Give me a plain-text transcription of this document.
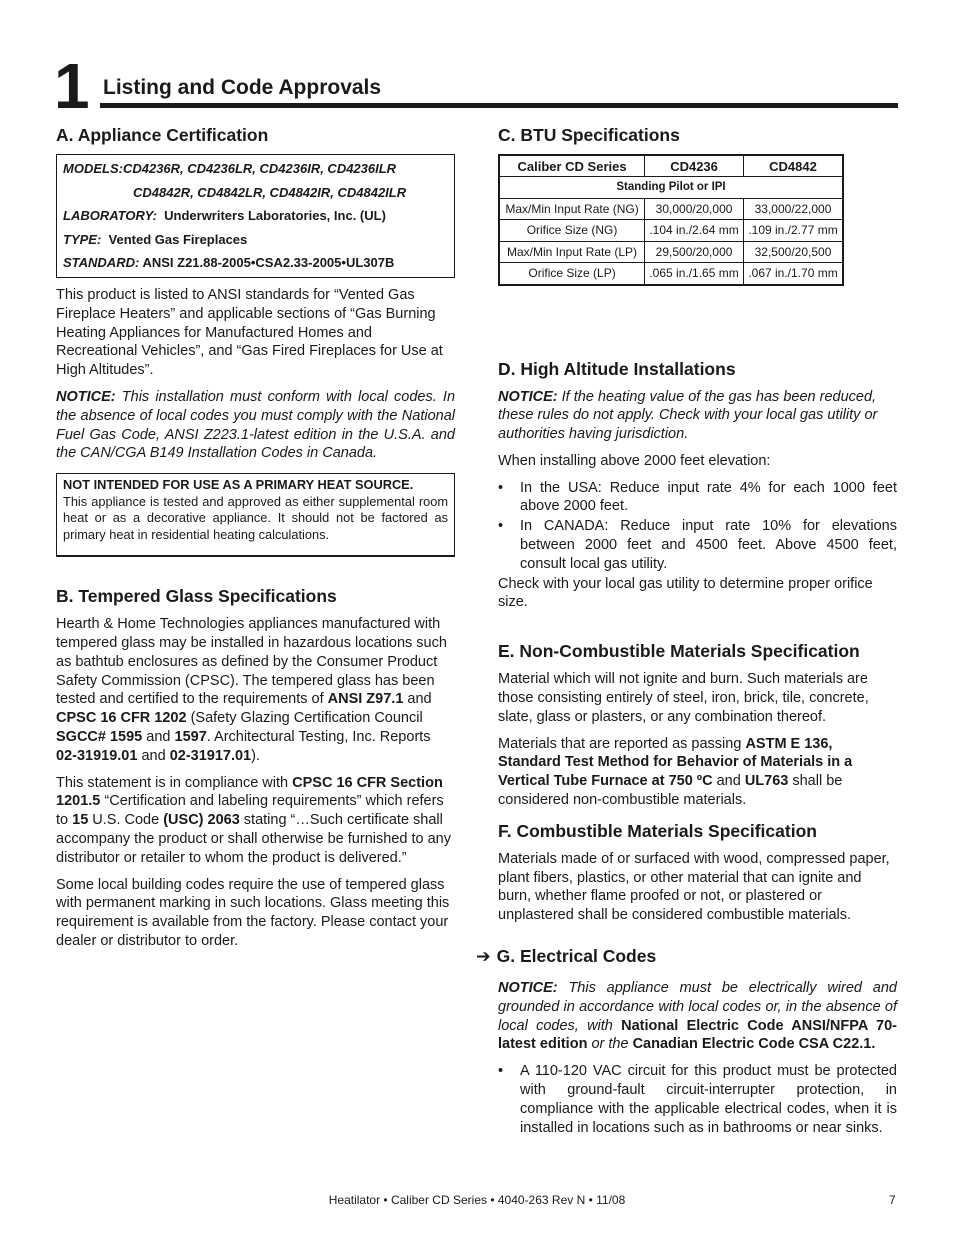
1 Listing and Code Approvals
A. Appliance Certification
MODELS:CD4236R, CD4236LR, CD4236IR, CD4236ILR
CD4842R, CD4842LR, CD4842IR, CD4842ILR
LABORATORY: Underwriters Laboratories, Inc. (UL)
TYPE: Vented Gas Fireplaces
STANDARD: ANSI Z21.88-2005•CSA2.33-2005•UL307B

This product is listed to ANSI standards for “Vented Gas Fireplace Heaters” and applicable sections of “Gas Burning Heating Appliances for Manufactured Homes and Recreational Vehicles”, and “Gas Fired Fireplaces for Use at High Altitudes”.

NOTICE: This installation must conform with local codes. In the absence of local codes you must comply with the National Fuel Gas Code, ANSI Z223.1-latest edition in the U.S.A. and the CAN/CGA B149 Installation Codes in Canada.

NOT INTENDED FOR USE AS A PRIMARY HEAT SOURCE.
This appliance is tested and approved as either supplemental room heat or as a decorative appliance. It should not be factored as primary heat in residential heating calculations.
B. Tempered Glass Specifications

Hearth & Home Technologies appliances manufactured with tempered glass may be installed in hazardous locations such as bathtub enclosures as defined by the Consumer Product Safety Commission (CPSC). The tempered glass has been tested and certified to the requirements of ANSI Z97.1 and CPSC 16 CFR 1202 (Safety Glazing Certification Council SGCC# 1595 and 1597. Architectural Testing, Inc. Reports 02-31919.01 and 02-31917.01).

This statement is in compliance with CPSC 16 CFR Section 1201.5 “Certification and labeling requirements” which refers to 15 U.S. Code (USC) 2063 stating “…Such certificate shall accompany the product or shall otherwise be furnished to any distributor or retailer to whom the product is delivered.”

Some local building codes require the use of tempered glass with permanent marking in such locations. Glass meeting this requirement is available from the factory. Please contact your dealer or distributor to order.

C. BTU Specifications
Caliber CD Series	CD4236	CD4842
Standing Pilot or IPI		
Max/Min Input Rate (NG)	30,000/20,000	33,000/22,000
Orifice Size (NG)	.104 in./2.64 mm	.109 in./2.77 mm
Max/Min Input Rate (LP)	29,500/20,000	32,500/20,500
Orifice Size (LP)	.065 in./1.65 mm	.067 in./1.70 mm
D. High Altitude Installations

NOTICE: If the heating value of the gas has been reduced, these rules do not apply. Check with your local gas utility or authorities having jurisdiction.

When installing above 2000 feet elevation:

• In the USA: Reduce input rate 4% for each 1000 feet above 2000 feet.
• In CANADA: Reduce input rate 10% for elevations between 2000 feet and 4500 feet. Above 4500 feet, consult local gas utility.

Check with your local gas utility to determine proper orifice size.

E. Non-Combustible Materials Specification

Material which will not ignite and burn. Such materials are those consisting entirely of steel, iron, brick, tile, concrete, slate, glass or plasters, or any combination thereof.

Materials that are reported as passing ASTM E 136, Standard Test Method for Behavior of Materials in a Vertical Tube Furnace at 750 ºC and UL763 shall be considered non-combustible materials.

F. Combustible Materials Specification

Materials made of or surfaced with wood, compressed paper, plant fibers, plastics, or other material that can ignite and burn, whether flame proofed or not, or plastered or unplastered shall be considered combustible materials.

➔ G. Electrical Codes

NOTICE: This appliance must be electrically wired and grounded in accordance with local codes or, in the absence of local codes, with National Electric Code ANSI/NFPA 70-latest edition or the Canadian Electric Code CSA C22.1.

• A 110-120 VAC circuit for this product must be protected with ground-fault circuit-interrupter protection, in compliance with the applicable electrical codes, when it is installed in locations such as in bathrooms or near sinks.
Heatilator • Caliber CD Series • 4040-263 Rev N • 11/08	7
